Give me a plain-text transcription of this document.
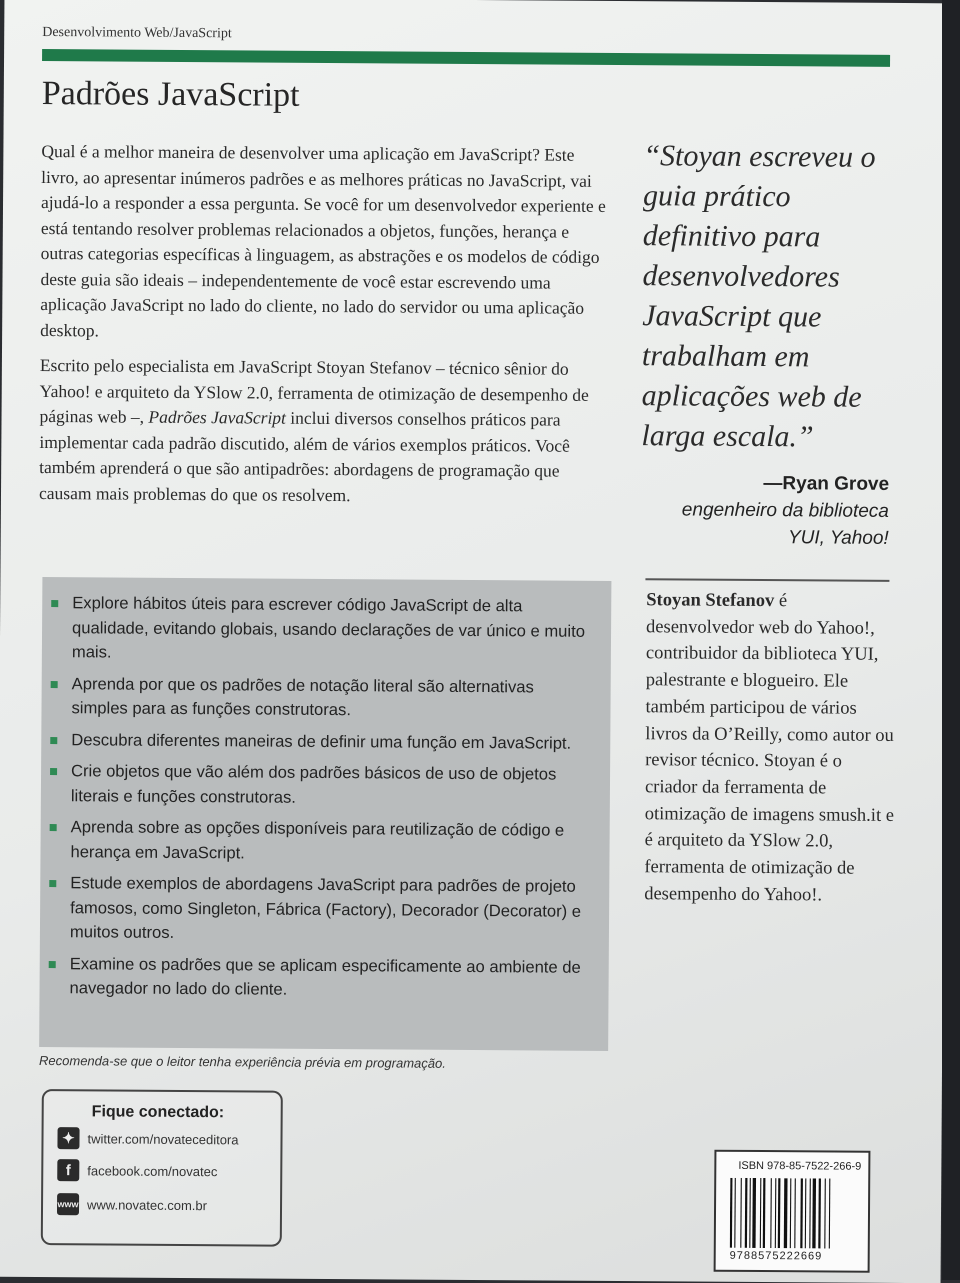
Desenvolvimento Web/JavaScript
Padrões JavaScript

Qual é a melhor maneira de desenvolver uma aplicação em JavaScript? Este livro, ao apresentar inúmeros padrões e as melhores práticas no JavaScript, vai ajudá-lo a responder a essa pergunta. Se você for um desenvolvedor experiente e está tentando resolver problemas relacionados a objetos, funções, herança e outras categorias específicas à linguagem, as abstrações e os modelos de código deste guia são ideais – independentemente de você estar escrevendo uma aplicação JavaScript no lado do cliente, no lado do servidor ou uma aplicação desktop.

Escrito pelo especialista em JavaScript Stoyan Stefanov – técnico sênior do Yahoo! e arquiteto da YSlow 2.0, ferramenta de otimização de desempenho de páginas web –, Padrões JavaScript inclui diversos conselhos práticos para implementar cada padrão discutido, além de vários exemplos práticos. Você também aprenderá o que são antipadrões: abordagens de programação que causam mais problemas do que os resolvem.

“Stoyan escreveu o guia prático definitivo para desenvolvedores JavaScript que trabalham em aplicações web de larga escala.”
—Ryan Grove
engenheiro da biblioteca YUI, Yahoo!
Stoyan Stefanov é desenvolvedor web do Yahoo!, contribuidor da biblioteca YUI, palestrante e blogueiro. Ele também participou de vários livros da O’Reilly, como autor ou revisor técnico. Stoyan é o criador da ferramenta de otimização de imagens smush.it e é arquiteto da YSlow 2.0, ferramenta de otimização de desempenho do Yahoo!.
Explore hábitos úteis para escrever código JavaScript de alta qualidade, evitando globais, usando declarações de var único e muito mais.
Aprenda por que os padrões de notação literal são alternativas simples para as funções construtoras.
Descubra diferentes maneiras de definir uma função em JavaScript.
Crie objetos que vão além dos padrões básicos de uso de objetos literais e funções construtoras.
Aprenda sobre as opções disponíveis para reutilização de código e herança em JavaScript.
Estude exemplos de abordagens JavaScript para padrões de projeto famosos, como Singleton, Fábrica (Factory), Decorador (Decorator) e muitos outros.
Examine os padrões que se aplicam especificamente ao ambiente de navegador no lado do cliente.
Recomenda-se que o leitor tenha experiência prévia em programação.
Fique conectado:
✦ twitter.com/novateceditora
f	facebook.com/novatec
www www.novatec.com.br
ISBN 978-85-7522-266-9
9788575222669
